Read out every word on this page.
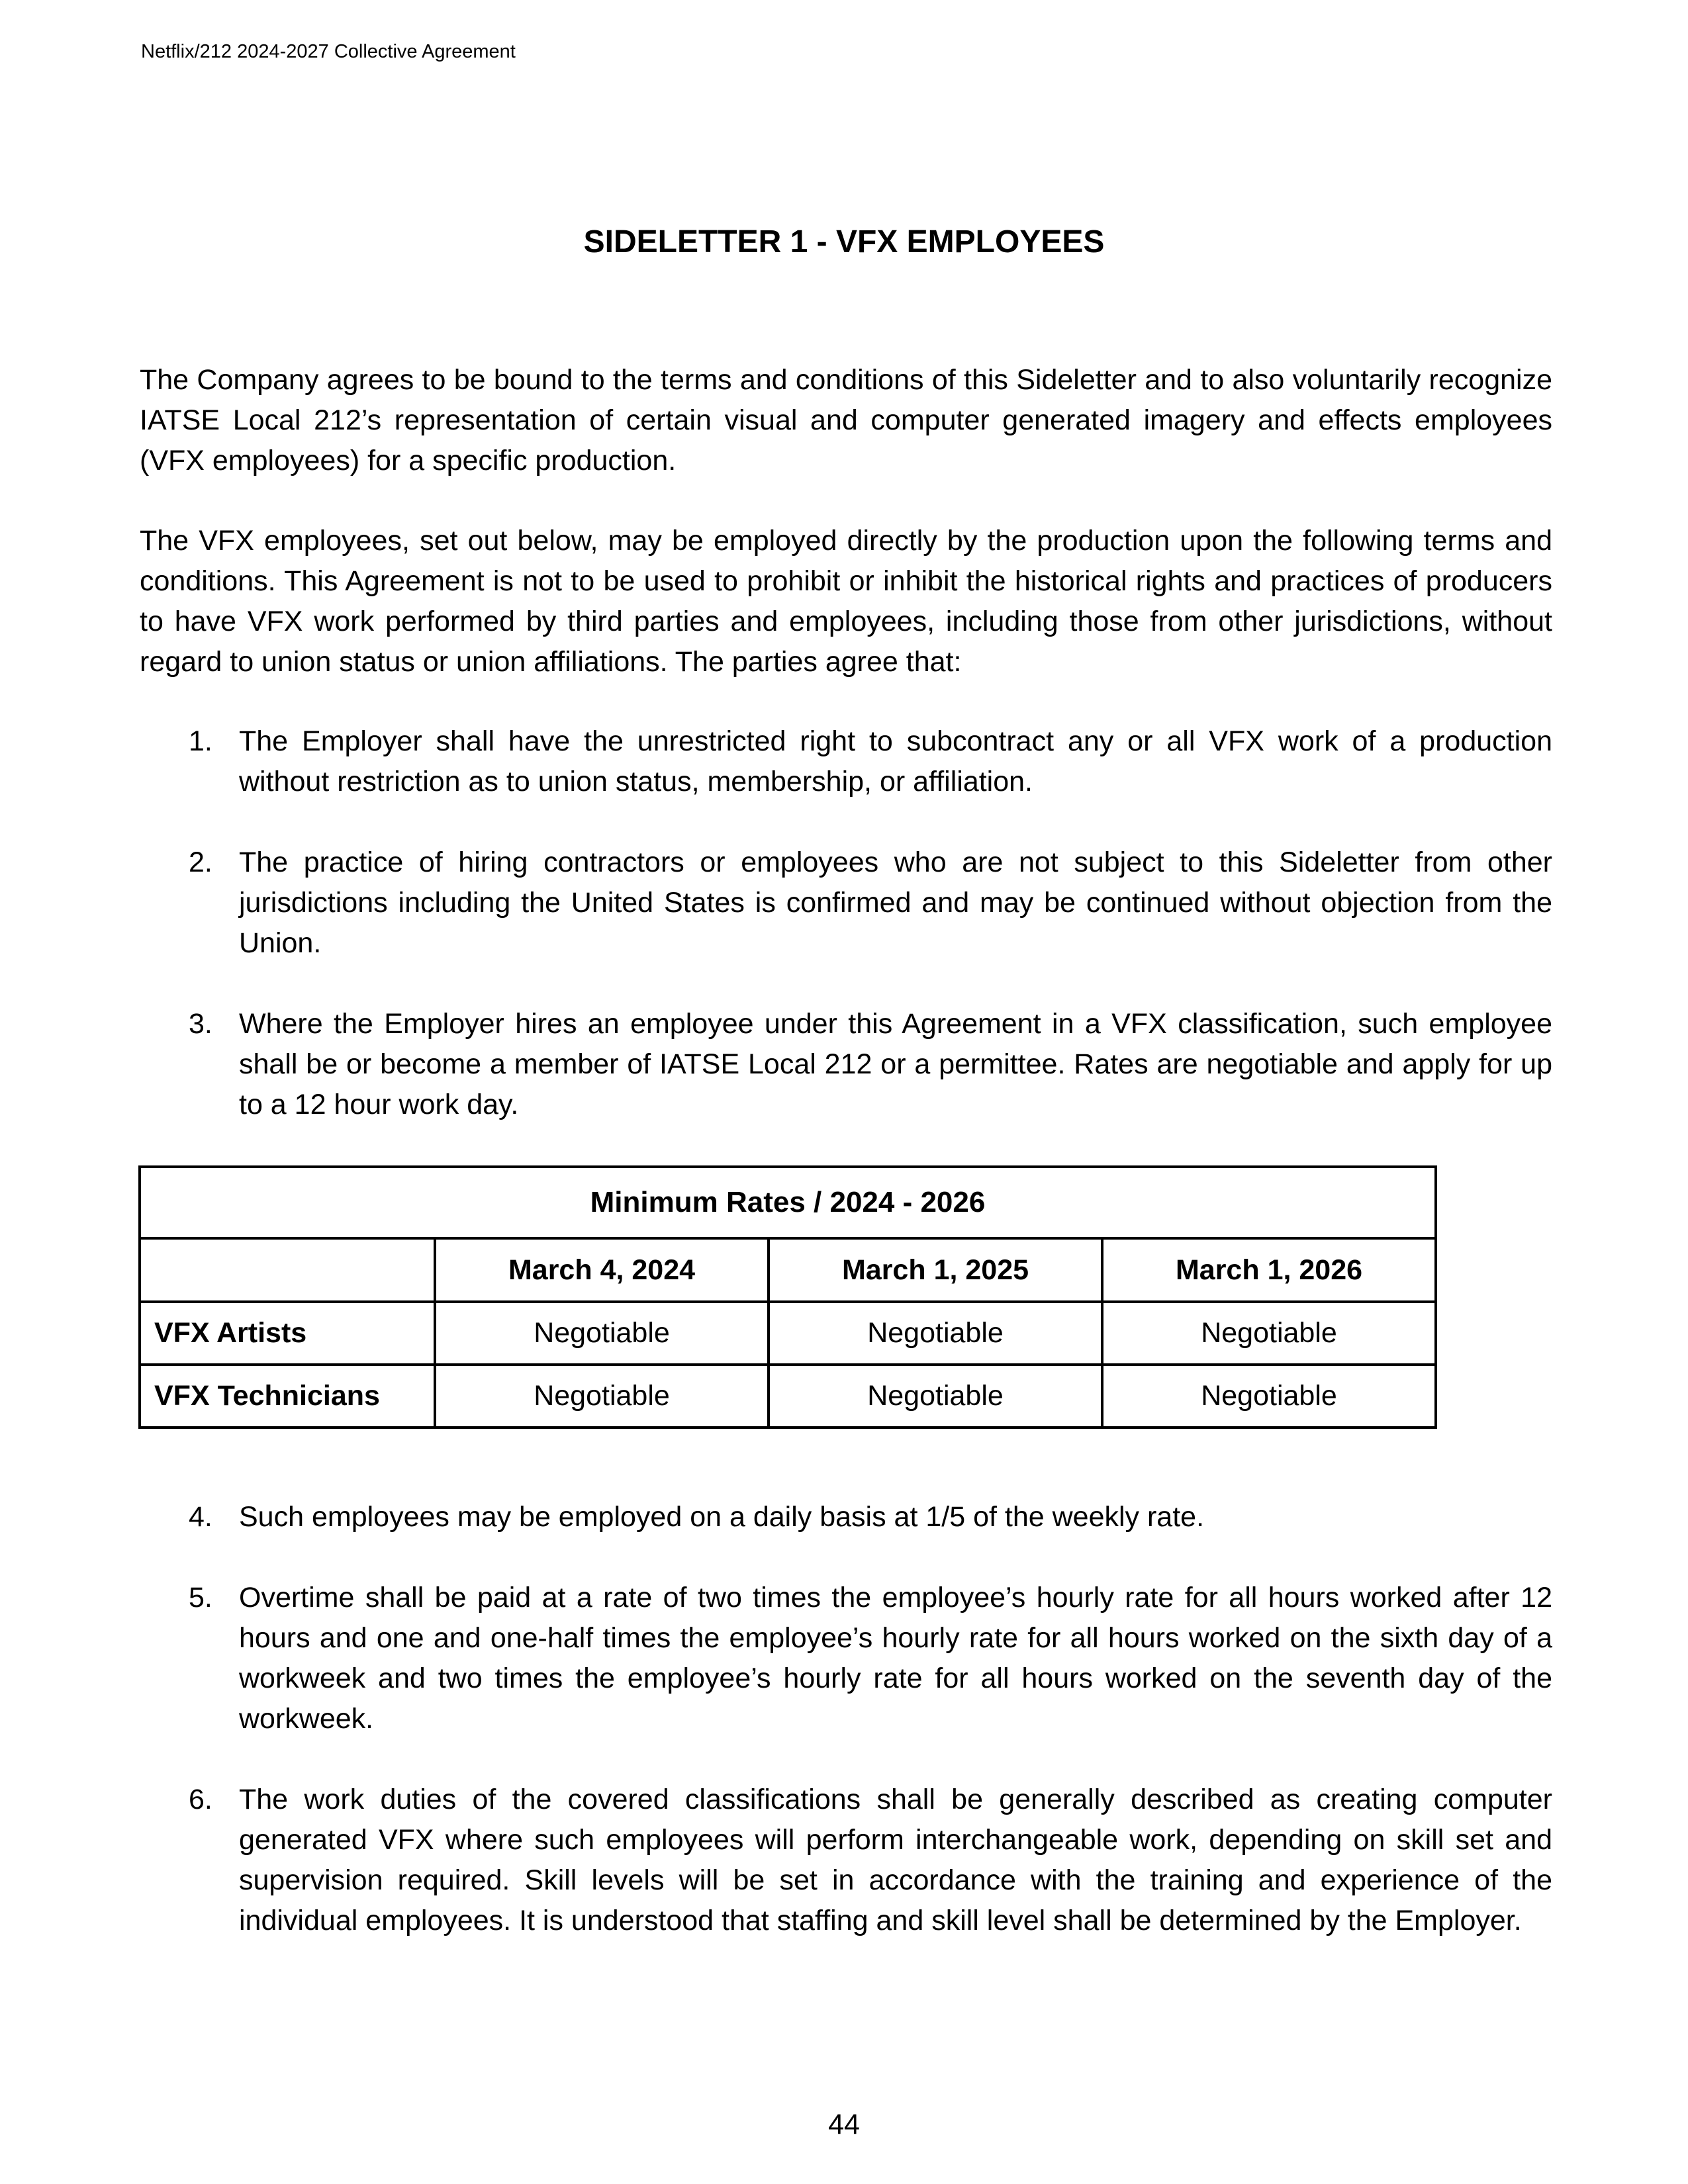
Netflix/212 2024-2027 Collective Agreement
SIDELETTER 1 - VFX EMPLOYEES
The Company agrees to be bound to the terms and conditions of this Sideletter and to also voluntarily recognize IATSE Local 212’s representation of certain visual and computer generated imagery and effects employees (VFX employees) for a specific production.
The VFX employees, set out below, may be employed directly by the production upon the following terms and conditions. This Agreement is not to be used to prohibit or inhibit the historical rights and practices of producers to have VFX work performed by third parties and employees, including those from other jurisdictions, without regard to union status or union affiliations. The parties agree that:
1. The Employer shall have the unrestricted right to subcontract any or all VFX work of a production without restriction as to union status, membership, or affiliation.
2. The practice of hiring contractors or employees who are not subject to this Sideletter from other jurisdictions including the United States is confirmed and may be continued without objection from the Union.
3. Where the Employer hires an employee under this Agreement in a VFX classification, such employee shall be or become a member of IATSE Local 212 or a permittee. Rates are negotiable and apply for up to a 12 hour work day.
Minimum Rates / 2024 - 2026			
	March 4, 2024	March 1, 2025	March 1, 2026
VFX Artists	Negotiable	Negotiable	Negotiable
VFX Technicians	Negotiable	Negotiable	Negotiable
4. Such employees may be employed on a daily basis at 1/5 of the weekly rate.
5. Overtime shall be paid at a rate of two times the employee’s hourly rate for all hours worked after 12 hours and one and one-half times the employee’s hourly rate for all hours worked on the sixth day of a workweek and two times the employee’s hourly rate for all hours worked on the seventh day of the workweek.
6. The work duties of the covered classifications shall be generally described as creating computer generated VFX where such employees will perform interchangeable work, depending on skill set and supervision required. Skill levels will be set in accordance with the training and experience of the individual employees. It is understood that staffing and skill level shall be determined by the Employer.
44
